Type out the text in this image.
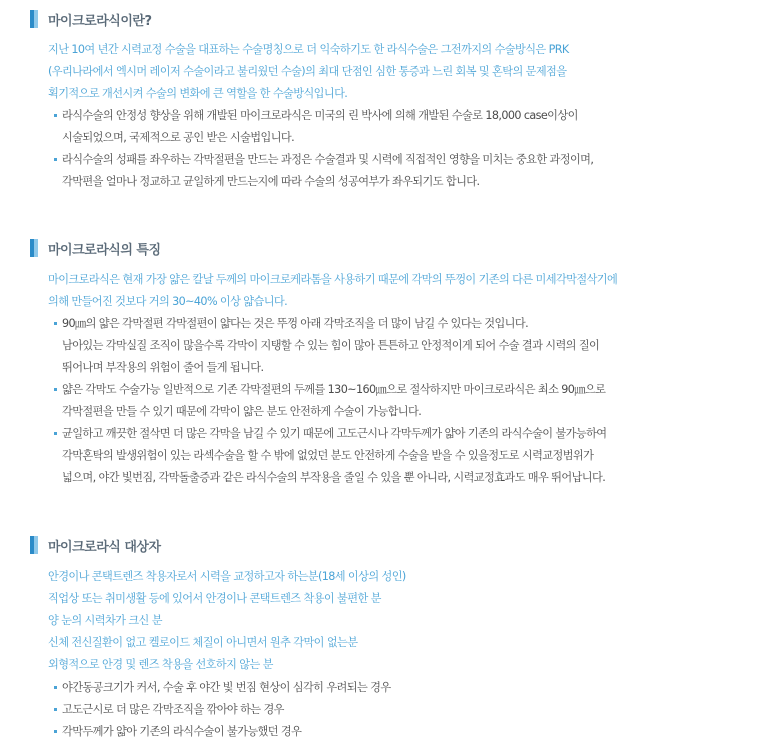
마이크로라식이란?
지난 10여 년간 시력교정 수술을 대표하는 수술명칭으로 더 익숙하기도 한 라식수술은 그전까지의 수술방식은 PRK
(우리나라에서 엑시머 레이저 수술이라고 불리웠던 수술)의 최대 단점인 심한 통증과 느린 회복 및 혼탁의 문제점을
획기적으로 개선시켜 수술의 변화에 큰 역할을 한 수술방식입니다.
라식수술의 안정성 향상을 위해 개발된 마이크로라식은 미국의 린 박사에 의해 개발된 수술로 18,000 case이상이
시술되었으며, 국제적으로 공인 받은 시술법입니다.
라식수술의 성패를 좌우하는 각막절편을 만드는 과정은 수술결과 및 시력에 직접적인 영향을 미치는 중요한 과정이며,
각막편을 얼마나 정교하고 균일하게 만드는지에 따라 수술의 성공여부가 좌우되기도 합니다.
마이크로라식의 특징
마이크로라식은 현재 가장 얇은 칼날 두께의 마이크로케라톰을 사용하기 때문에 각막의 뚜껑이 기존의 다른 미세각막절삭기에
의해 만들어진 것보다 거의 30~40% 이상 얇습니다.
90㎛의 얇은 각막절편 각막절편이 얇다는 것은 뚜껑 아래 각막조직을 더 많이 남길 수 있다는 것입니다.
남아있는 각막실질 조직이 많을수록 각막이 지탱할 수 있는 힘이 많아 튼튼하고 안정적이게 되어 수술 결과 시력의 질이
뛰어나며 부작용의 위험이 줄어 들게 됩니다.
얇은 각막도 수술가능 일반적으로 기존 각막절편의 두께를 130~160㎛으로 절삭하지만 마이크로라식은 최소 90㎛으로
각막절편을 만들 수 있기 때문에 각막이 얇은 분도 안전하게 수술이 가능합니다.
균일하고 깨끗한 절삭면 더 많은 각막을 남길 수 있기 때문에 고도근시나 각막두께가 얇아 기존의 라식수술이 불가능하여
각막혼탁의 발생위험이 있는 라섹수술을 할 수 밖에 없었던 분도 안전하게 수술을 받을 수 있을정도로 시력교정범위가
넓으며, 야간 빛번짐, 각막돌출증과 같은 라식수술의 부작용을 줄일 수 있을 뿐 아니라, 시력교정효과도 매우 뛰어납니다.
마이크로라식 대상자
안경이나 콘택트렌즈 착용자로서 시력을 교정하고자 하는분(18세 이상의 성인)
직업상 또는 취미생활 등에 있어서 안경이나 콘택트렌즈 착용이 불편한 분
양 눈의 시력차가 크신 분
신체 전신질환이 없고 켈로이드 체질이 아니면서 원추 각막이 없는분
외형적으로 안경 및 렌즈 착용을 선호하지 않는 분
야간동공크기가 커서, 수술 후 야간 빛 번짐 현상이 심각히 우려되는 경우
고도근시로 더 많은 각막조직을 깎아야 하는 경우
각막두께가 얇아 기존의 라식수술이 불가능했던 경우
